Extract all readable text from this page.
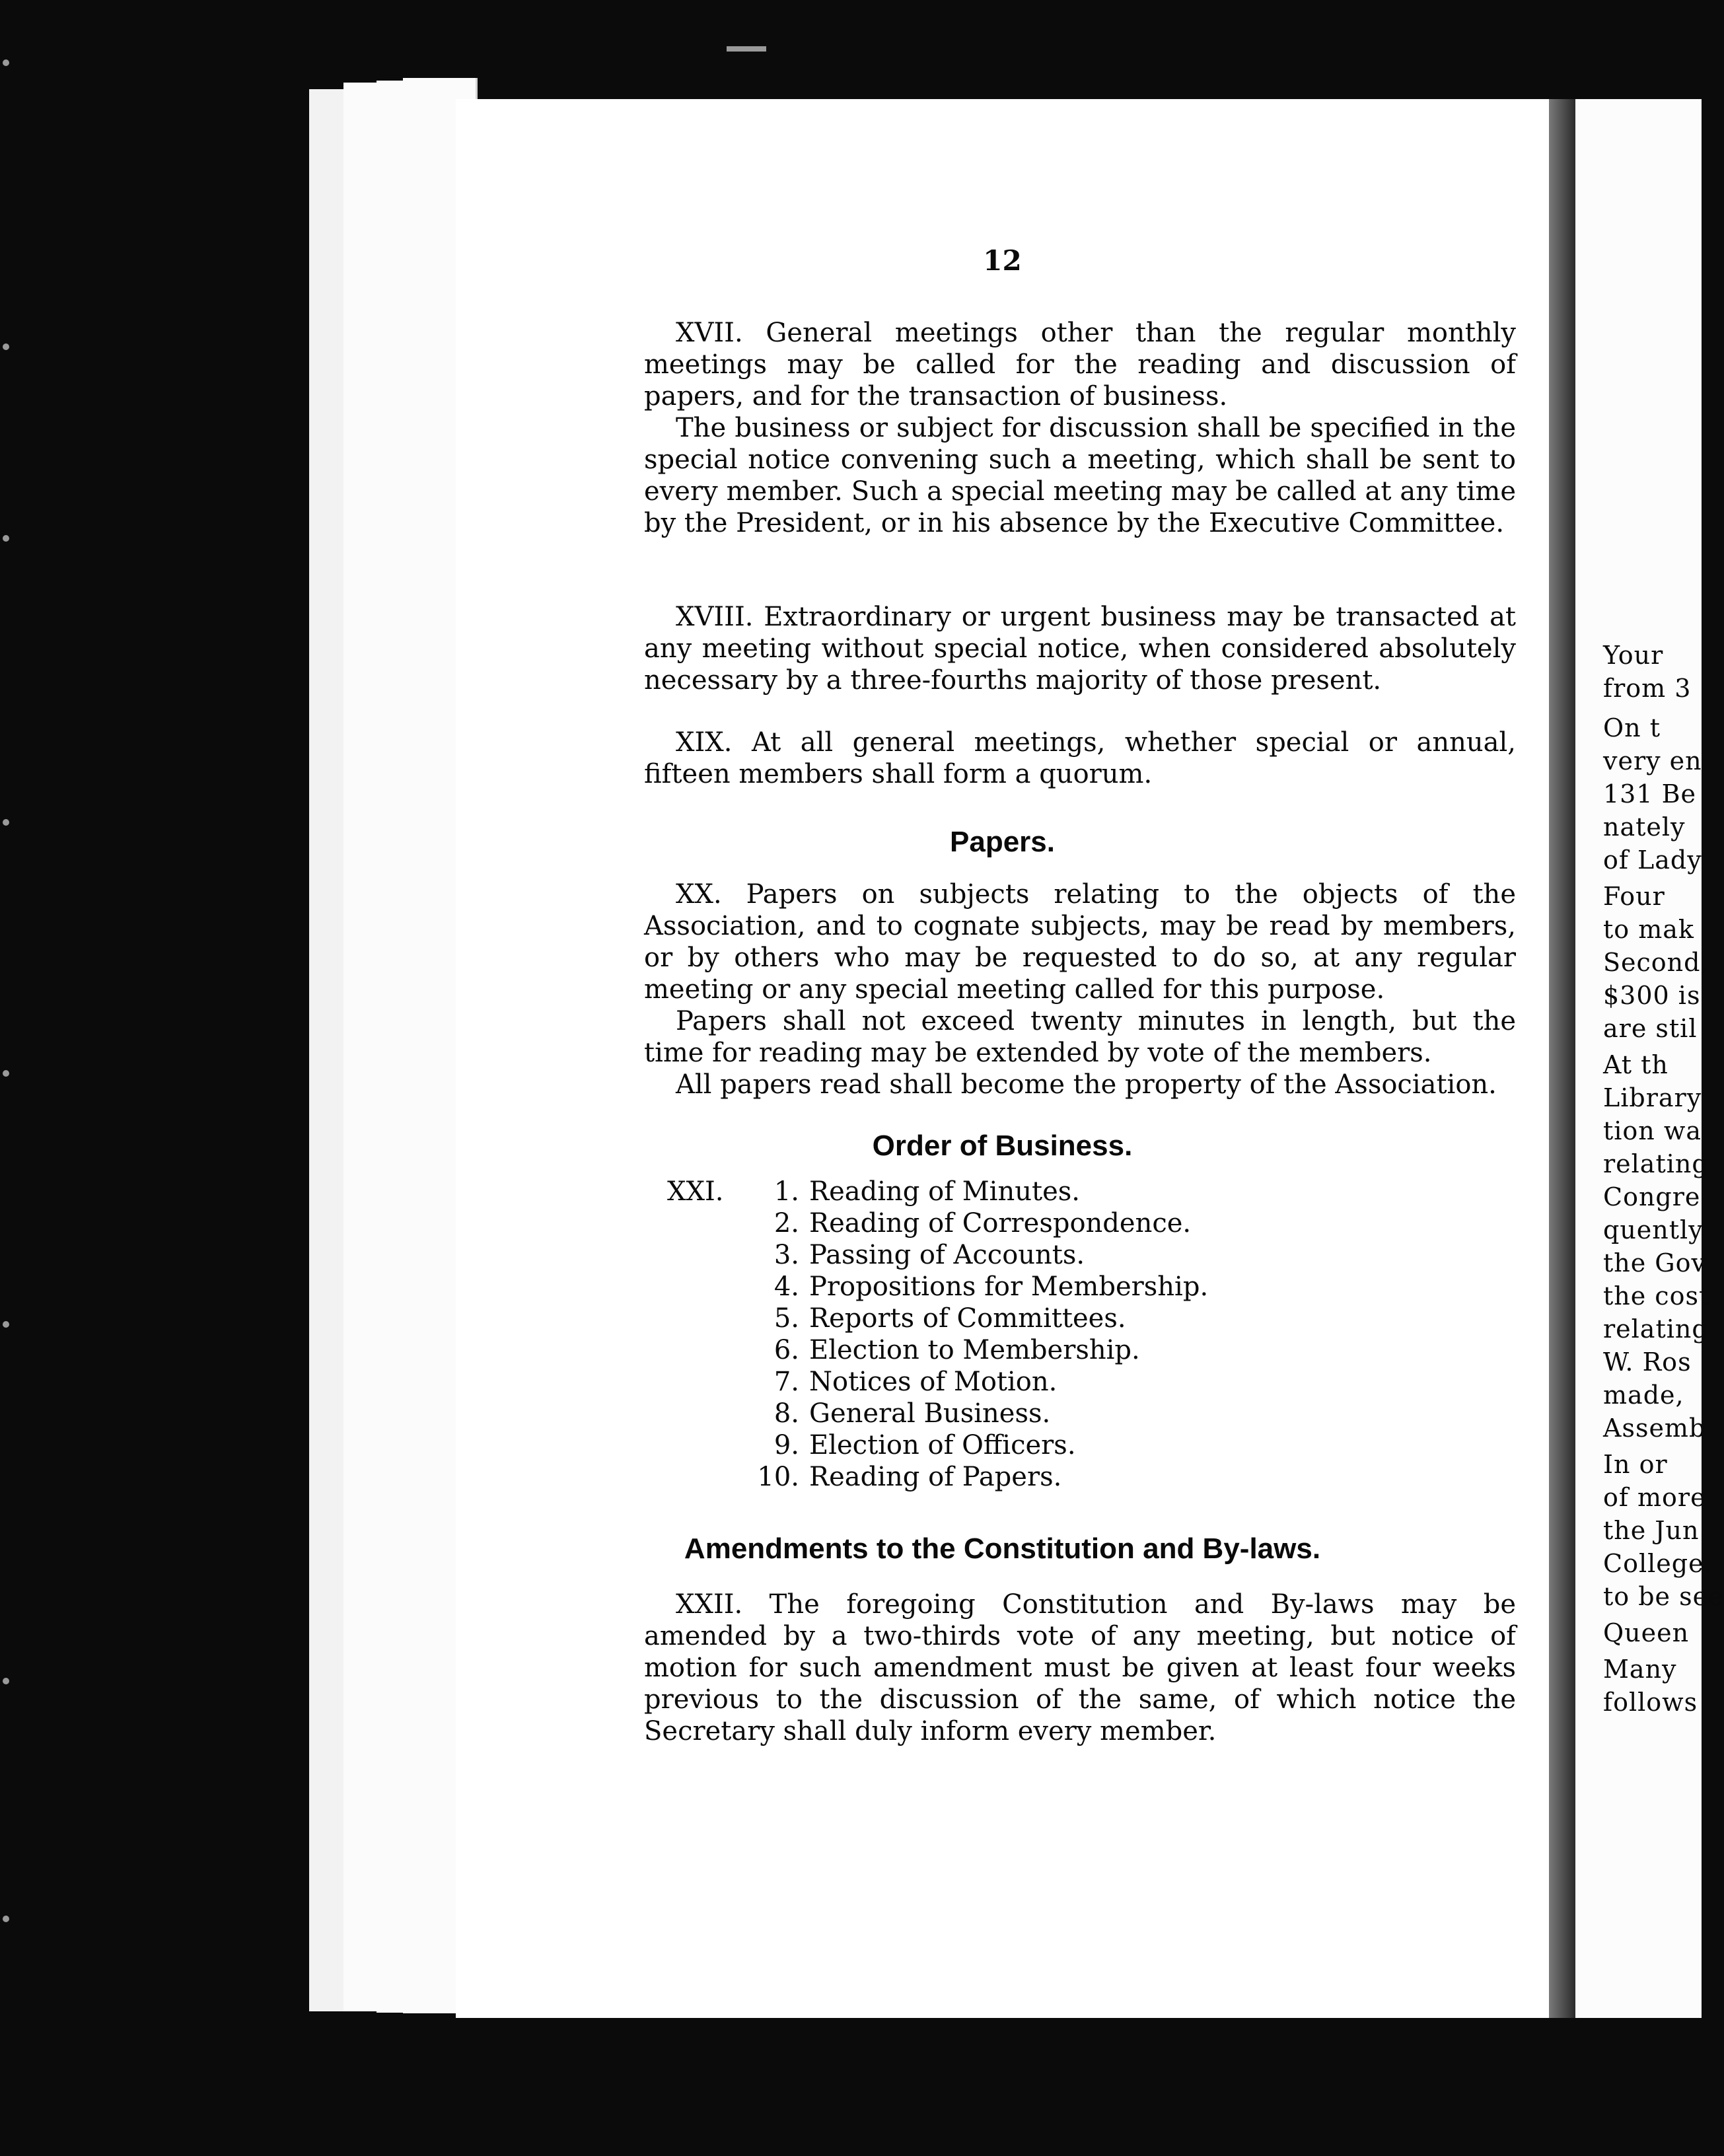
12

XVII. General meetings other than the regular monthly meetings may be called for the reading and discussion of papers, and for the transaction of business.

The business or subject for discussion shall be specified in the special notice convening such a meeting, which shall be sent to every member. Such a special meeting may be called at any time by the President, or in his absence by the Executive Committee.

XVIII. Extraordinary or urgent business may be transacted at any meeting without special notice, when considered absolutely necessary by a three-fourths majority of those present.

XIX. At all general meetings, whether special or annual, fifteen members shall form a quorum.

Papers.

XX. Papers on subjects relating to the objects of the Association, and to cognate subjects, may be read by members, or by others who may be requested to do so, at any regular meeting or any special meeting called for this purpose.

Papers shall not exceed twenty minutes in length, but the time for reading may be extended by vote of the members.

All papers read shall become the property of the Association.

Order of Business.
XXI.	1. Reading of Minutes.
2. Reading of Correspondence.
3. Passing of Accounts.
4. Propositions for Membership.
5. Reports of Committees.
6. Election to Membership.
7. Notices of Motion.
8. General Business.
9. Election of Officers.
10. Reading of Papers.
Amendments to the Constitution and By-laws.

XXII. The foregoing Constitution and By-laws may be amended by a two-thirds vote of any meeting, but notice of motion for such amendment must be given at least four weeks previous to the discussion of the same, of which notice the Secretary shall duly inform every member.

Your
from 3
On t
very en
131 Be
nately
of Lady
Four
to mak
Second,
$300 is
are stil
At th
Library
tion wa
relating
Congre
quently
the Gov
the cost
relating
W. Ros
made,
Assemb
In or
of more
the Jun
College.
to be see
Queen
Many
follows
